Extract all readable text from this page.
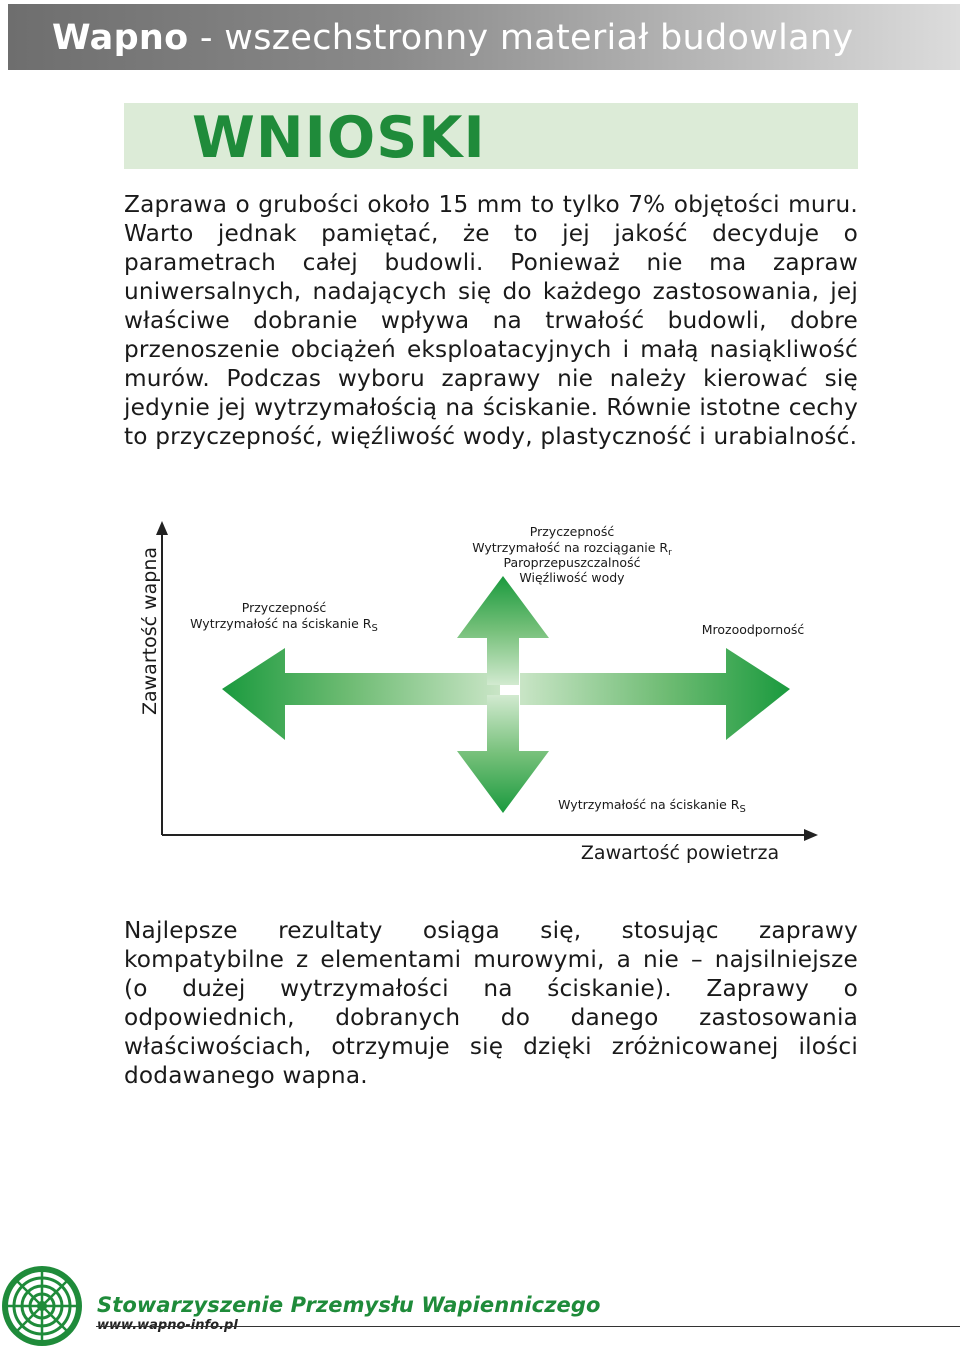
Wapno - wszechstronny materiał budowlany
WNIOSKI

Zaprawa o grubości około 15 mm to tylko 7% objętości muru. Warto jednak pamiętać, że to jej jakość decyduje o parametrach całej budowli. Ponieważ nie ma zapraw uniwersalnych, nadających się do każdego zastosowania, jej właściwe dobranie wpływa na trwałość budowli, dobre przenoszenie obciążeń eksploatacyjnych i małą nasiąkliwość murów. Podczas wyboru zaprawy nie należy kierować się jedynie jej wytrzymałością na ściskanie. Równie istotne cechy to przyczepność, więźliwość wody, plastyczność i urabialność.

Zawartość wapna
Zawartość powietrza
Przyczepność
Wytrzymałość na rozciąganie $R_r$
Paroprzepuszczalność
Więźliwość wody
Przyczepność
Wytrzymałość na ściskanie $R_S$	Mrozoodporność
Wytrzymałość na ściskanie $R_S$

Najlepsze rezultaty osiąga się, stosując zaprawy kompatybilne z elementami murowymi, a nie – najsilniejsze (o dużej wytrzymałości na ściskanie). Zaprawy o odpowiednich, dobranych do danego zastosowania właściwościach, otrzymuje się dzięki zróżnicowanej ilości dodawanego wapna.

Stowarzyszenie Przemysłu Wapienniczego
www.wapno-info.pl
